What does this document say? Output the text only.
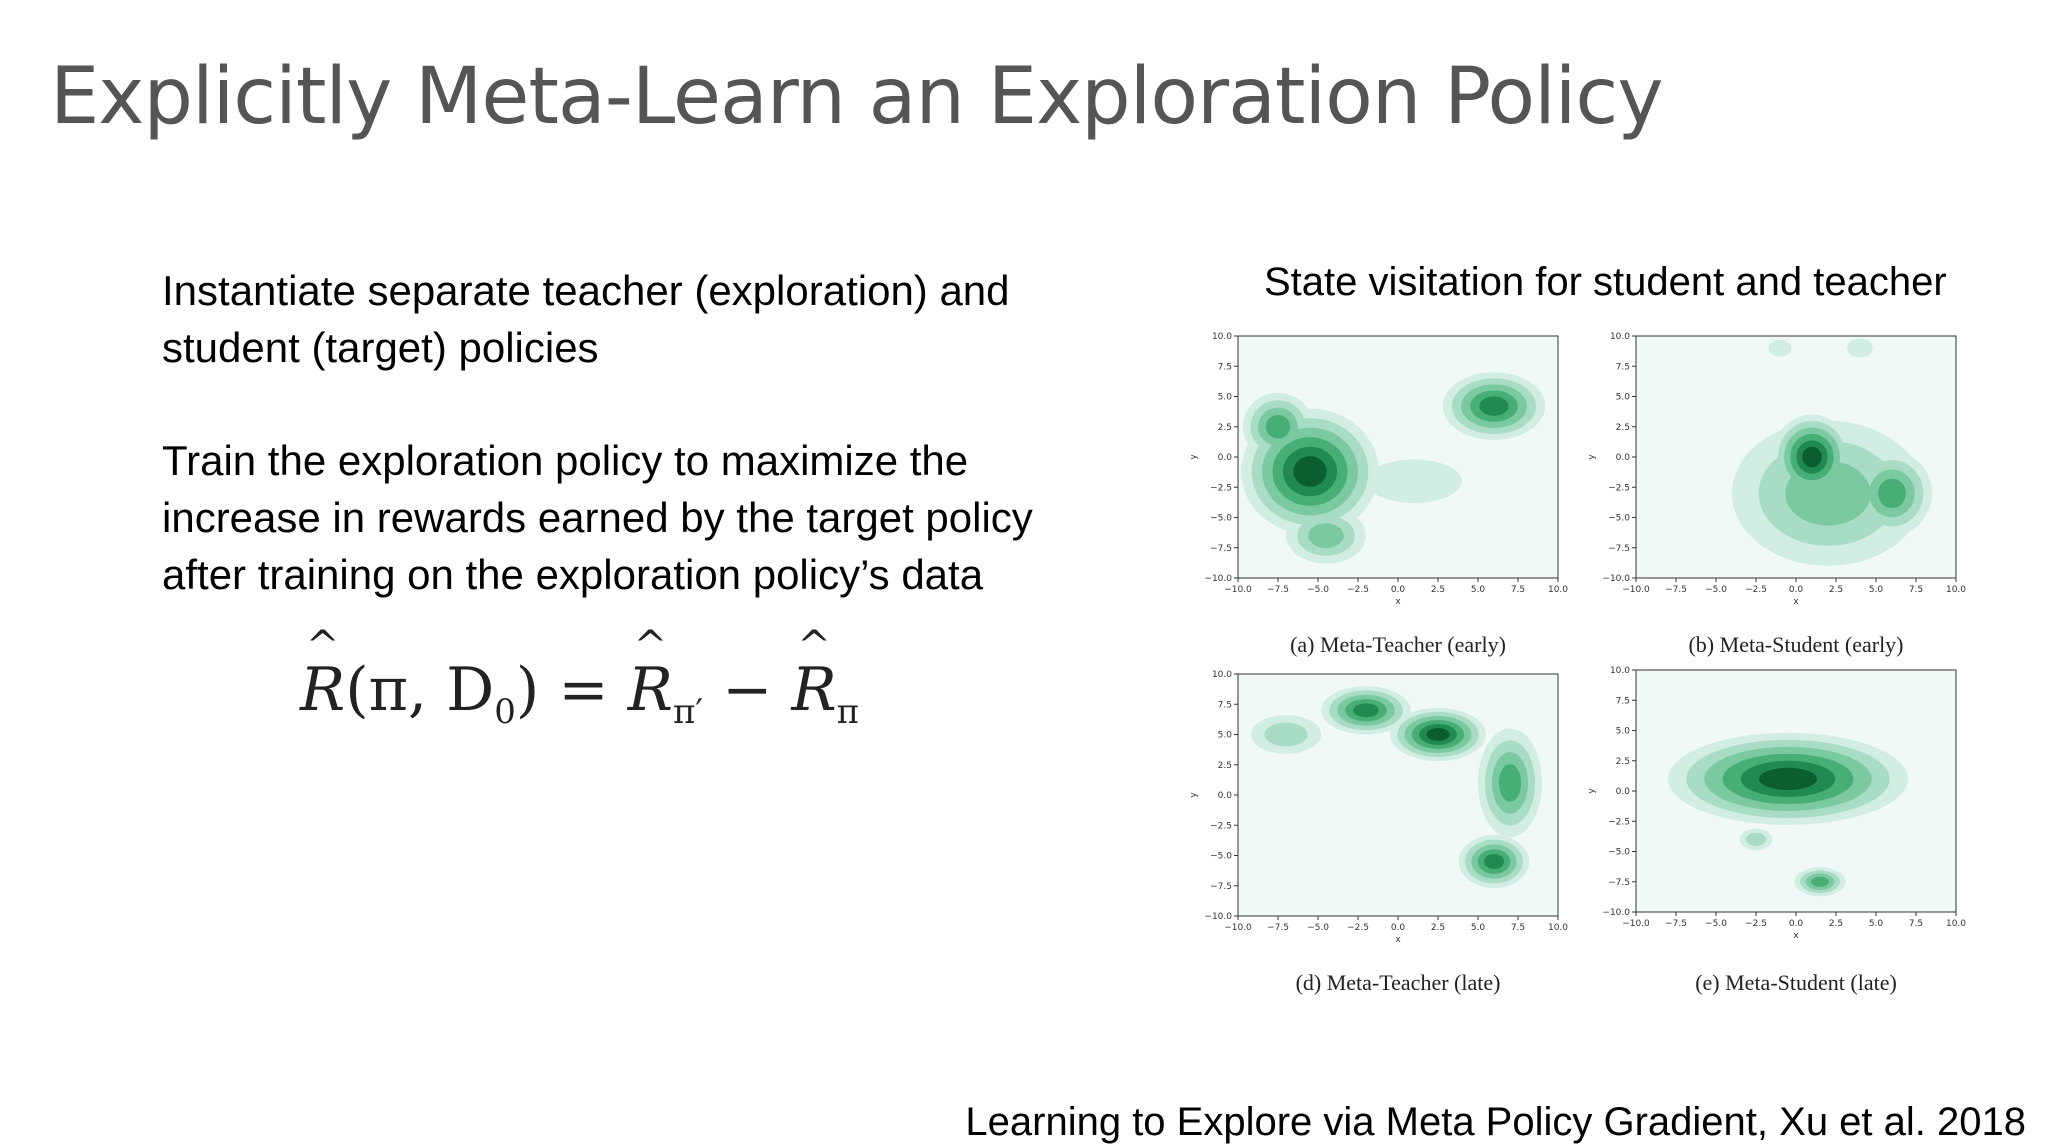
Explicitly Meta-Learn an Exploration Policy
Instantiate separate teacher (exploration) and student (target) policies
Train the exploration policy to maximize the increase in rewards earned by the target policy after training on the exploration policy’s data
^ R(π, $D_0$) = ^ $R_{\pi'}$ − ^ $R_\pi$
State visitation for student and teacher
−10.0 −7.5 −5.0 −2.5 0.0	2.5	5.0	7.5	10.0
10.0
7.5
5.0
2.5
0.0
−2.5
−5.0
−7.5
−10.0
x
y
(a) Meta-Teacher (early)
−10.0 −7.5 −5.0 −2.5 0.0	2.5	5.0	7.5	10.0
10.0
7.5
5.0
2.5
0.0
−2.5
−5.0
−7.5
−10.0
x
y
(b) Meta-Student (early)
−10.0 −7.5 −5.0 −2.5 0.0	2.5	5.0	7.5	10.0
10.0
7.5
5.0
2.5
0.0
−2.5
−5.0
−7.5
−10.0
x
y
(d) Meta-Teacher (late)
−10.0 −7.5 −5.0 −2.5 0.0	2.5	5.0	7.5	10.0
10.0
7.5
5.0
2.5
0.0
−2.5
−5.0
−7.5
−10.0
x
y
(e) Meta-Student (late)
Learning to Explore via Meta Policy Gradient, Xu et al. 2018
